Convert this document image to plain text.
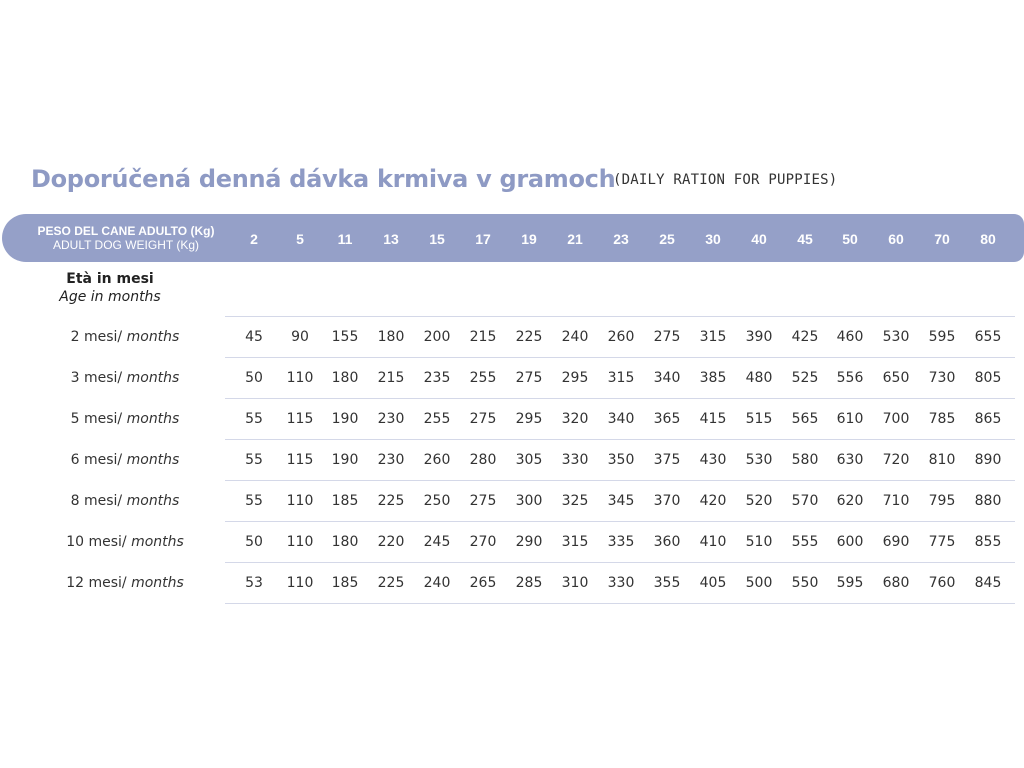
Doporúčená denná dávka krmiva v gramoch
(DAILY RATION FOR PUPPIES)
PESO DEL CANE ADULTO (Kg)
ADULT DOG WEIGHT (Kg)	2	5	11	13	15	17	19	21	23	25	30	40	45	50	60	70	80
Età in mesi
Age in months
2 mesi/ months	45	90	155	180	200	215	225	240	260	275	315	390	425	460	530	595	655
3 mesi/ months	50	110	180	215	235	255	275	295	315	340	385	480	525	556	650	730	805
5 mesi/ months	55	115	190	230	255	275	295	320	340	365	415	515	565	610	700	785	865
6 mesi/ months	55	115	190	230	260	280	305	330	350	375	430	530	580	630	720	810	890
8 mesi/ months	55	110	185	225	250	275	300	325	345	370	420	520	570	620	710	795	880
10 mesi/ months	50	110	180	220	245	270	290	315	335	360	410	510	555	600	690	775	855
12 mesi/ months	53	110	185	225	240	265	285	310	330	355	405	500	550	595	680	760	845
